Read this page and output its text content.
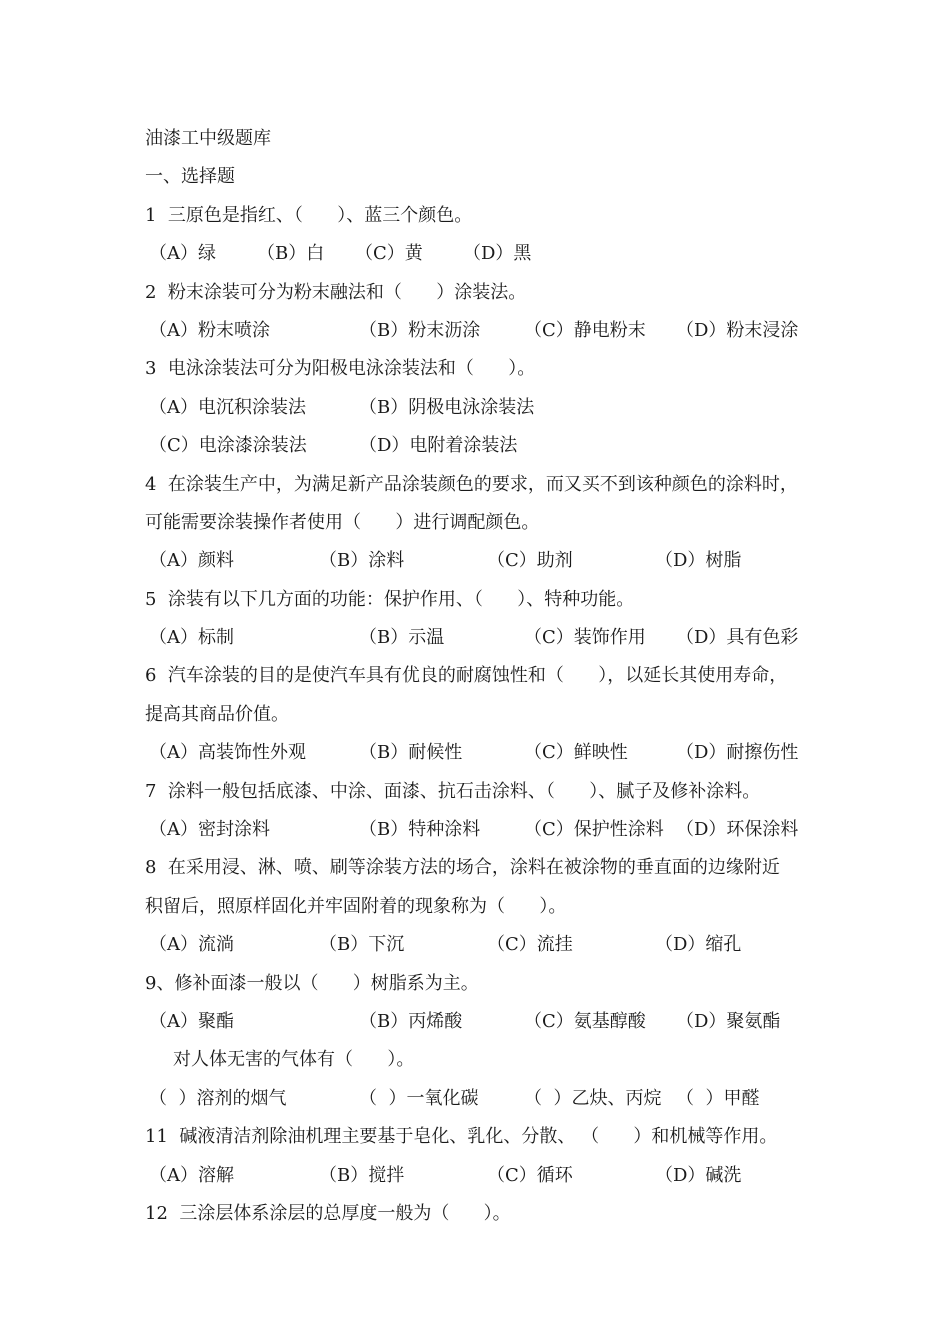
油漆工中级题库
一、选择题
1  三原色是指红、（      ）、蓝三个颜色。
（A）绿 （B）白 （C）黄 （D）黑
2  粉末涂装可分为粉末融法和（      ）涂装法。
（A）粉末喷涂	（B）粉末沥涂 （C）静电粉末 （D）粉末浸涂
3  电泳涂装法可分为阳极电泳涂装法和（      ）。
（A）电沉积涂装法	（B）阴极电泳涂装法
（C）电涂漆涂装法	（D）电附着涂装法
4  在涂装生产中，为满足新产品涂装颜色的要求，而又买不到该种颜色的涂料时，
可能需要涂装操作者使用（      ）进行调配颜色。
（A）颜料	（B）涂料	（C）助剂	（D）树脂
5  涂装有以下几方面的功能：保护作用、（      ）、特种功能。
（A）标制	（B）示温	（C）装饰作用 （D）具有色彩
6  汽车涂装的目的是使汽车具有优良的耐腐蚀性和（      ），以延长其使用寿命，
提高其商品价值。
（A）高装饰性外观	（B）耐候性	（C）鲜映性	（D）耐擦伤性
7  涂料一般包括底漆、中涂、面漆、抗石击涂料、（      ）、腻子及修补涂料。
（A）密封涂料	（B）特种涂料 （C）保护性涂料 （D）环保涂料
8  在采用浸、淋、喷、刷等涂装方法的场合，涂料在被涂物的垂直面的边缘附近
积留后，照原样固化并牢固附着的现象称为（      ）。
（A）流淌	（B）下沉	（C）流挂	（D）缩孔
9、修补面漆一般以（      ）树脂系为主。
（A）聚酯	（B）丙烯酸	（C）氨基醇酸 （D）聚氨酯
对人体无害的气体有（      ）。
（  ）溶剂的烟气	（  ）一氧化碳	（  ）乙炔、丙烷 （  ）甲醛
11  碱液清洁剂除油机理主要基于皂化、乳化、分散、 （      ）和机械等作用。
（A）溶解	（B）搅拌	（C）循环	（D）碱洗
12  三涂层体系涂层的总厚度一般为（      ）。
